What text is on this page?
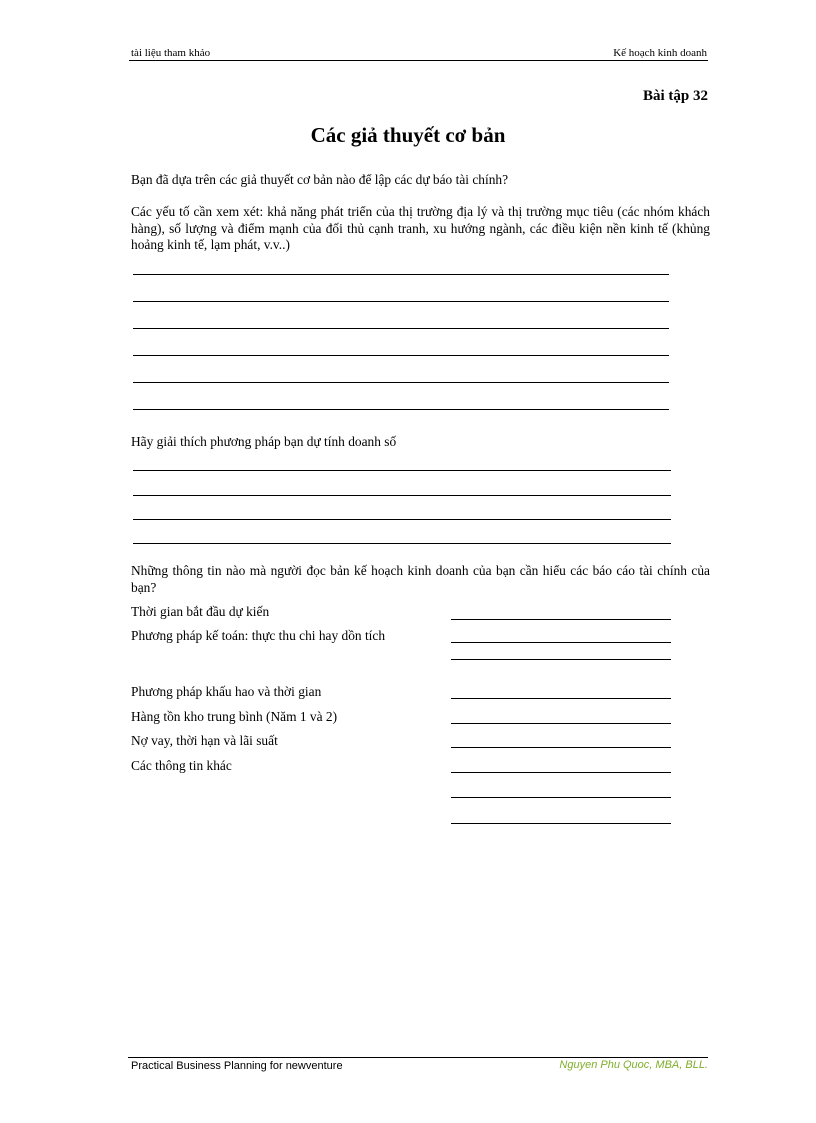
tài liệu tham khảo	Kế hoạch kinh doanh
Bài tập 32
Các giả thuyết cơ bản
Bạn đã dựa trên các giả thuyết cơ bản nào để lập các dự báo tài chính?
Các yếu tố cần xem xét: khả năng phát triển của thị trường địa lý và thị trường mục tiêu (các nhóm khách hàng), số lượng và điểm mạnh của đối thủ cạnh tranh, xu hướng ngành, các điều kiện nền kinh tế (khủng hoảng kinh tế, lạm phát, v.v..)
Hãy giải thích phương pháp bạn dự tính doanh số
Những thông tin nào mà người đọc bản kế hoạch kinh doanh của bạn cần hiểu các báo cáo tài chính của bạn?
Thời gian bắt đầu dự kiến
Phương pháp kế toán: thực thu chi hay dồn tích
Phương pháp khấu hao và thời gian
Hàng tồn kho trung bình (Năm 1 và 2)
Nợ vay, thời hạn và lãi suất
Các thông tin khác
Practical Business Planning for newventure	Nguyen Phu Quoc, MBA, BLL.
